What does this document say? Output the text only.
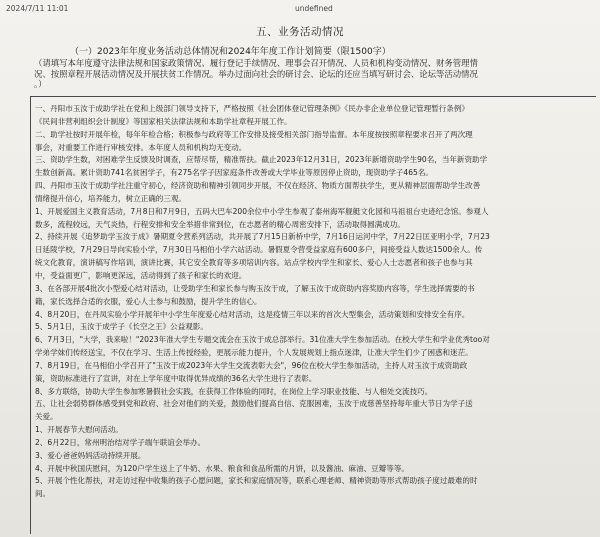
2024/7/11 11:01	undefined
五、业务活动情况
（一）2023年年度业务活动总体情况和2024年年度工作计划简要（限1500字）
（请填写本年度遵守法律法规和国家政策情况、履行登记手续情况、理事会召开情况、人员和机构变动情况、财务管理情
况、按照章程开展活动情况及开展扶贫工作情况。举办过面向社会的研讨会、论坛的还应当填写研讨会、论坛等活动情况
。）
一、丹阳市玉汝于成助学社在党和上级部门领导支持下，严格按照《社会团体登记管理条例》《民办非企业单位登记管理暂行条例》
《民间非营利组织会计制度》等国家相关法律法规和本助学社章程开展工作。
二、助学社按时开展年检，每年年检合格；积极参与政府等工作安排及接受相关部门指导监督。本年度按按照章程要求召开了两次理
事会，对重要工作进行审核安排。本年度人员和机构均无变动。
三、资助学生数，对困难学生反馈及时调查，应帮尽帮，精准帮扶。截止2023年12月31日，2023年新增资助学生90名，当年新资助学
生数创新高。累计资助741名贫困学子，有275名学子因家庭条件改善或大学毕业等原因停止资助，现资助学子465名。
四、丹阳市玉汝于成助学社注重守初心，经济资助和精神引领同步开展，不仅在经济、物质方面帮扶学生，更从精神层面帮助学生改善
情绪提升信心，培养能力，树立正确的三观。
1、开展爱国主义教育活动，7月8日和7月9日，五码大巴车200余位中小学生参观了泰州海军舰艇文化园和马祖祖台史迹纪念馆。参观人
数多，流程较远，天气炎热，行程安排和安全举措非常到位，在志愿者的精心周密安排下，活动取得圆满成功。
2、持续开展《追梦助学玉汝于成》暑期夏令营系列活动，共开展了7月15日新桥中学，7月16日运河中学，7月22日匡亚明小学，7月23
日延陵学校，7月29日导向实验小学，7月30日马相伯小学六站活动。暑假夏令营受益家庭有600多户，间接受益人数达1500余人。传
统文化教育，演讲稿写作培训，演讲比赛，其它安全教育等多项培训内容。站点学校内学生和家长、爱心人士志愿者和孩子也参与其
中，受益面更广，影响更深远，活动得到了孩子和家长的欢迎。
3、在各部开展4批次小型爱心结对活动，让受助学生和家长参与购玉汝于成，了解玉汝于成资助内容奖励内容等，学生选择需要的书
籍，家长选择合适的衣服，爱心人士参与和鼓励，提升学生的信心。
4、8月20日，在丹凤实验小学开展年中小学生年度爱心结对活动，这是疫情三年以来的首次大型集会，活动策划和安排安全有序。
5、5月1日，玉汝于成学子《长空之王》公益观影。
6、7月3日，"大学，我来啦！"2023年准大学生专题交流会在玉汝于成总部举行。31位准大学生参加活动。在校大学生和学业优秀too对
学弟学妹们传经送宝，不仅在学习、生活上传授经验，更展示能力提升，个人发展规划上指点迷津，让准大学生们少了困惑和迷茫。
7、8月19日，在马相伯小学召开了"玉汝于成2023年大学生交流表彰大会"，96位在校大学生参加活动，主持人对玉汝于成资助政
策，资助标准进行了宣讲，对在上学年度中取得优异成绩的36名大学生进行了表彰。
8、多方联络，协助大学生参加寒暑假社会实践，在获得工作体验的同时，在岗位上学习职业技能、与人相处交流技巧。
五、让社会弱势群体感受到党和政府、社会对他们的关爱，鼓励他们提高自信、克服困难，玉汝于成慈善坚持每年重大节日为学子送
关爱。
1、开展春节大慰问活动。
2、6月22日，常州明治结对学子端午联谊会举办。
3、爱心爸爸妈妈活动持续开展。
4、开展中秋国庆慰问，为120户学生送上了牛奶、水果、粮食和食品所需的月饼，以及酱油、麻油、豆瓣等等。
5、开展个性化帮扶，对走访过程中收集的孩子心愿问题，家长和家庭情况等，联系心理老师、精神资助等形式帮助孩子度过最难的时
间。
